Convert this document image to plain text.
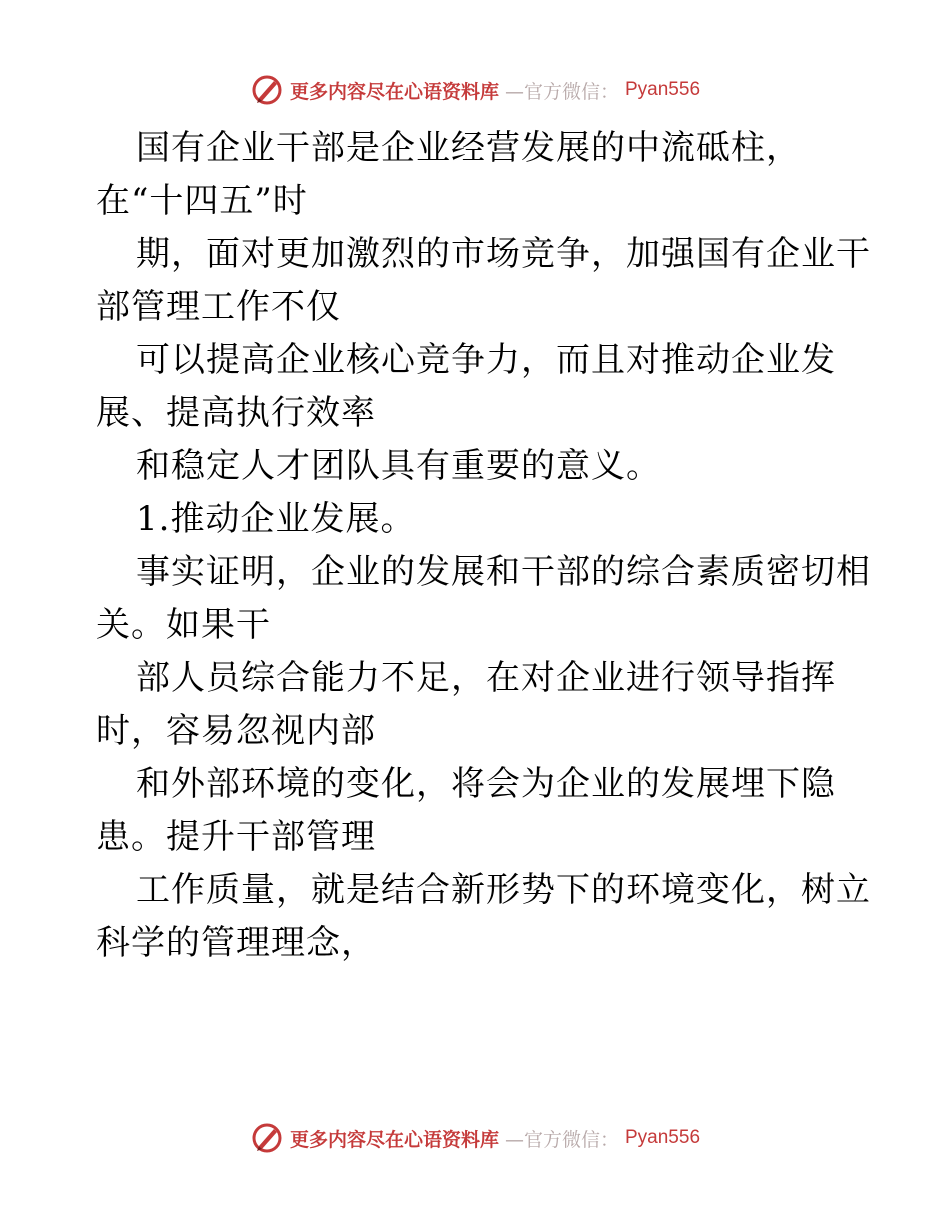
更多内容尽在心语资料库 —官方微信： Pyan556
国有企业干部是企业经营发展的中流砥柱，
在“十四五”时
期，面对更加激烈的市场竞争，加强国有企业干
部管理工作不仅
可以提高企业核心竞争力，而且对推动企业发
展、提高执行效率
和稳定人才团队具有重要的意义。
1.推动企业发展。
事实证明，企业的发展和干部的综合素质密切相
关。如果干
部人员综合能力不足，在对企业进行领导指挥
时，容易忽视内部
和外部环境的变化，将会为企业的发展埋下隐
患。提升干部管理
工作质量，就是结合新形势下的环境变化，树立
科学的管理理念，
更多内容尽在心语资料库 —官方微信： Pyan556
